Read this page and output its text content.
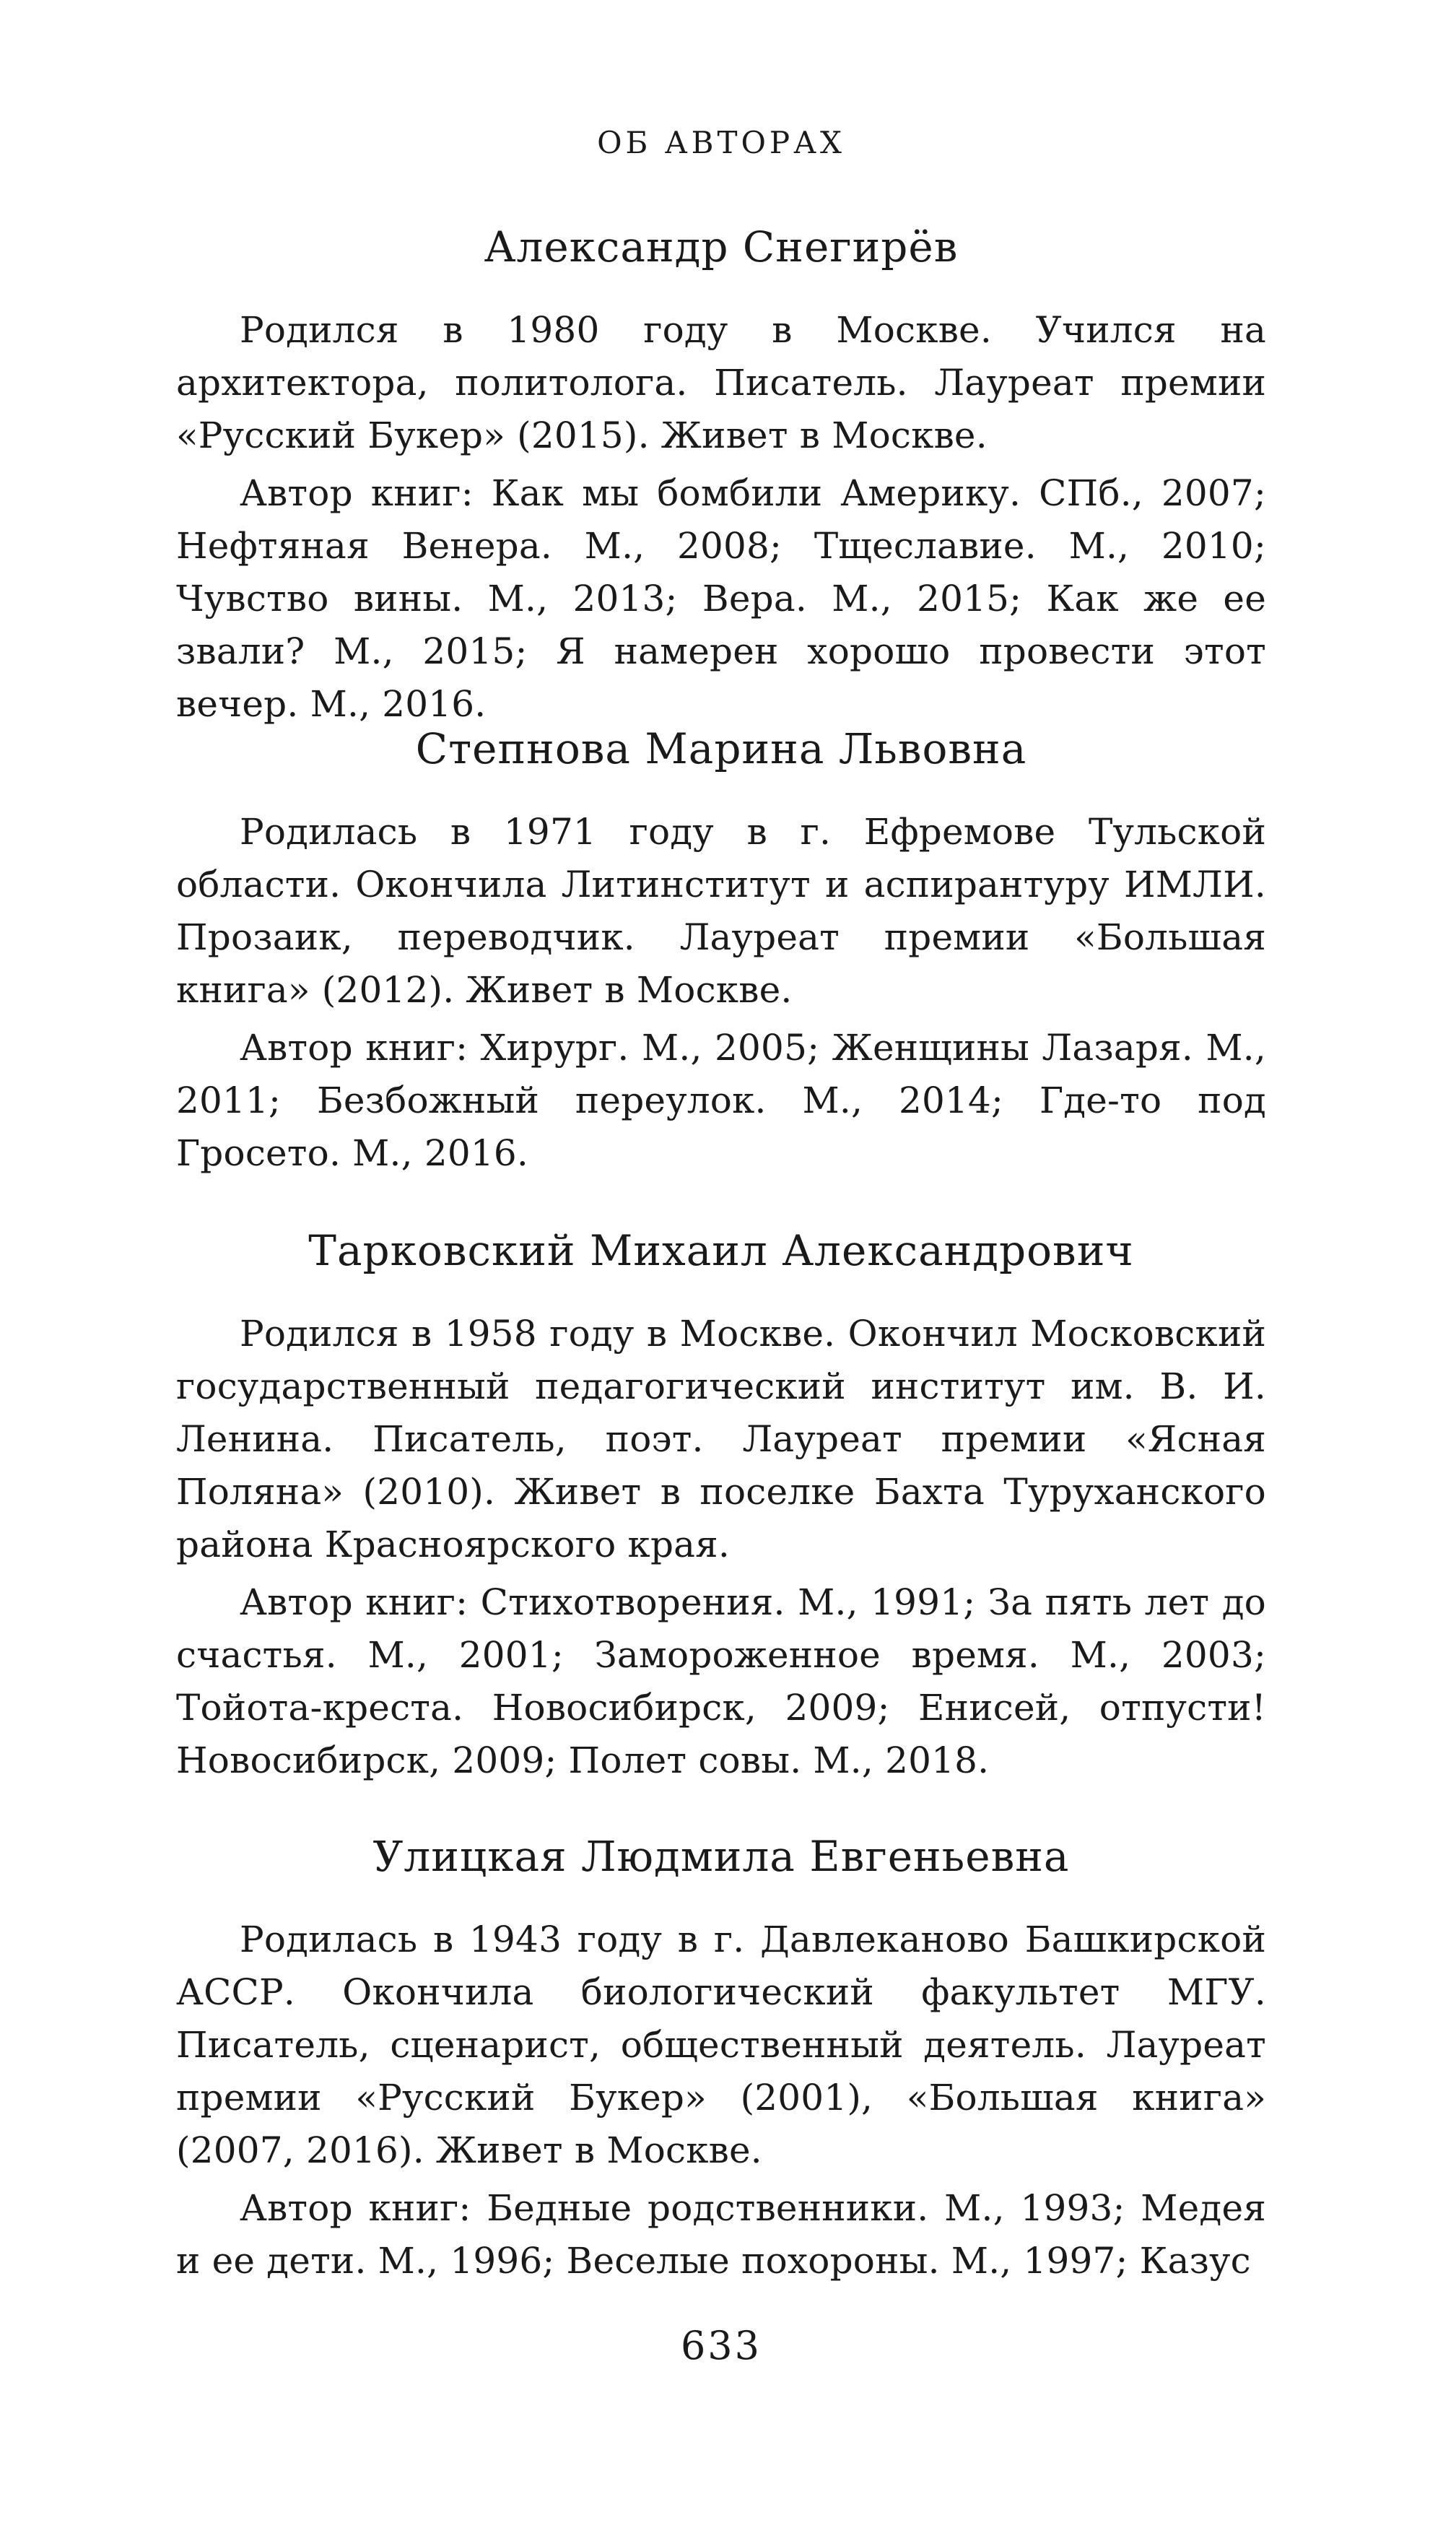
ОБ АВТОРАХ
Александр Снегирёв

Родился в 1980 году в Москве. Учился на архитектора, политолога. Писатель. Лауреат премии «Русский Букер» (2015). Живет в Москве.

Автор книг: Как мы бомбили Америку. СПб., 2007; Нефтяная Венера. М., 2008; Тщеславие. М., 2010; Чувство вины. М., 2013; Вера. М., 2015; Как же ее звали? М., 2015; Я намерен хорошо провести этот вечер. М., 2016.

Степнова Марина Львовна

Родилась в 1971 году в г. Ефремове Тульской области. Окончила Литинститут и аспирантуру ИМЛИ. Прозаик, переводчик. Лауреат премии «Большая книга» (2012). Живет в Москве.

Автор книг: Хирург. М., 2005; Женщины Лазаря. М., 2011; Безбожный переулок. М., 2014; Где-то под Гросето. М., 2016.

Тарковский Михаил Александрович

Родился в 1958 году в Москве. Окончил Московский государственный педагогический институт им. В. И. Ленина. Писатель, поэт. Лауреат премии «Ясная Поляна» (2010). Живет в поселке Бахта Туруханского района Красноярского края.

Автор книг: Стихотворения. М., 1991; За пять лет до счастья. М., 2001; Замороженное время. М., 2003; Тойота-креста. Новосибирск, 2009; Енисей, отпусти! Новосибирск, 2009; Полет совы. М., 2018.

Улицкая Людмила Евгеньевна

Родилась в 1943 году в г. Давлеканово Башкирской АССР. Окончила биологический факультет МГУ. Писатель, сценарист, общественный деятель. Лауреат премии «Русский Букер» (2001), «Большая книга» (2007, 2016). Живет в Москве.

Автор книг: Бедные родственники. М., 1993; Медея и ее дети. М., 1996; Веселые похороны. М., 1997; Казус

633
